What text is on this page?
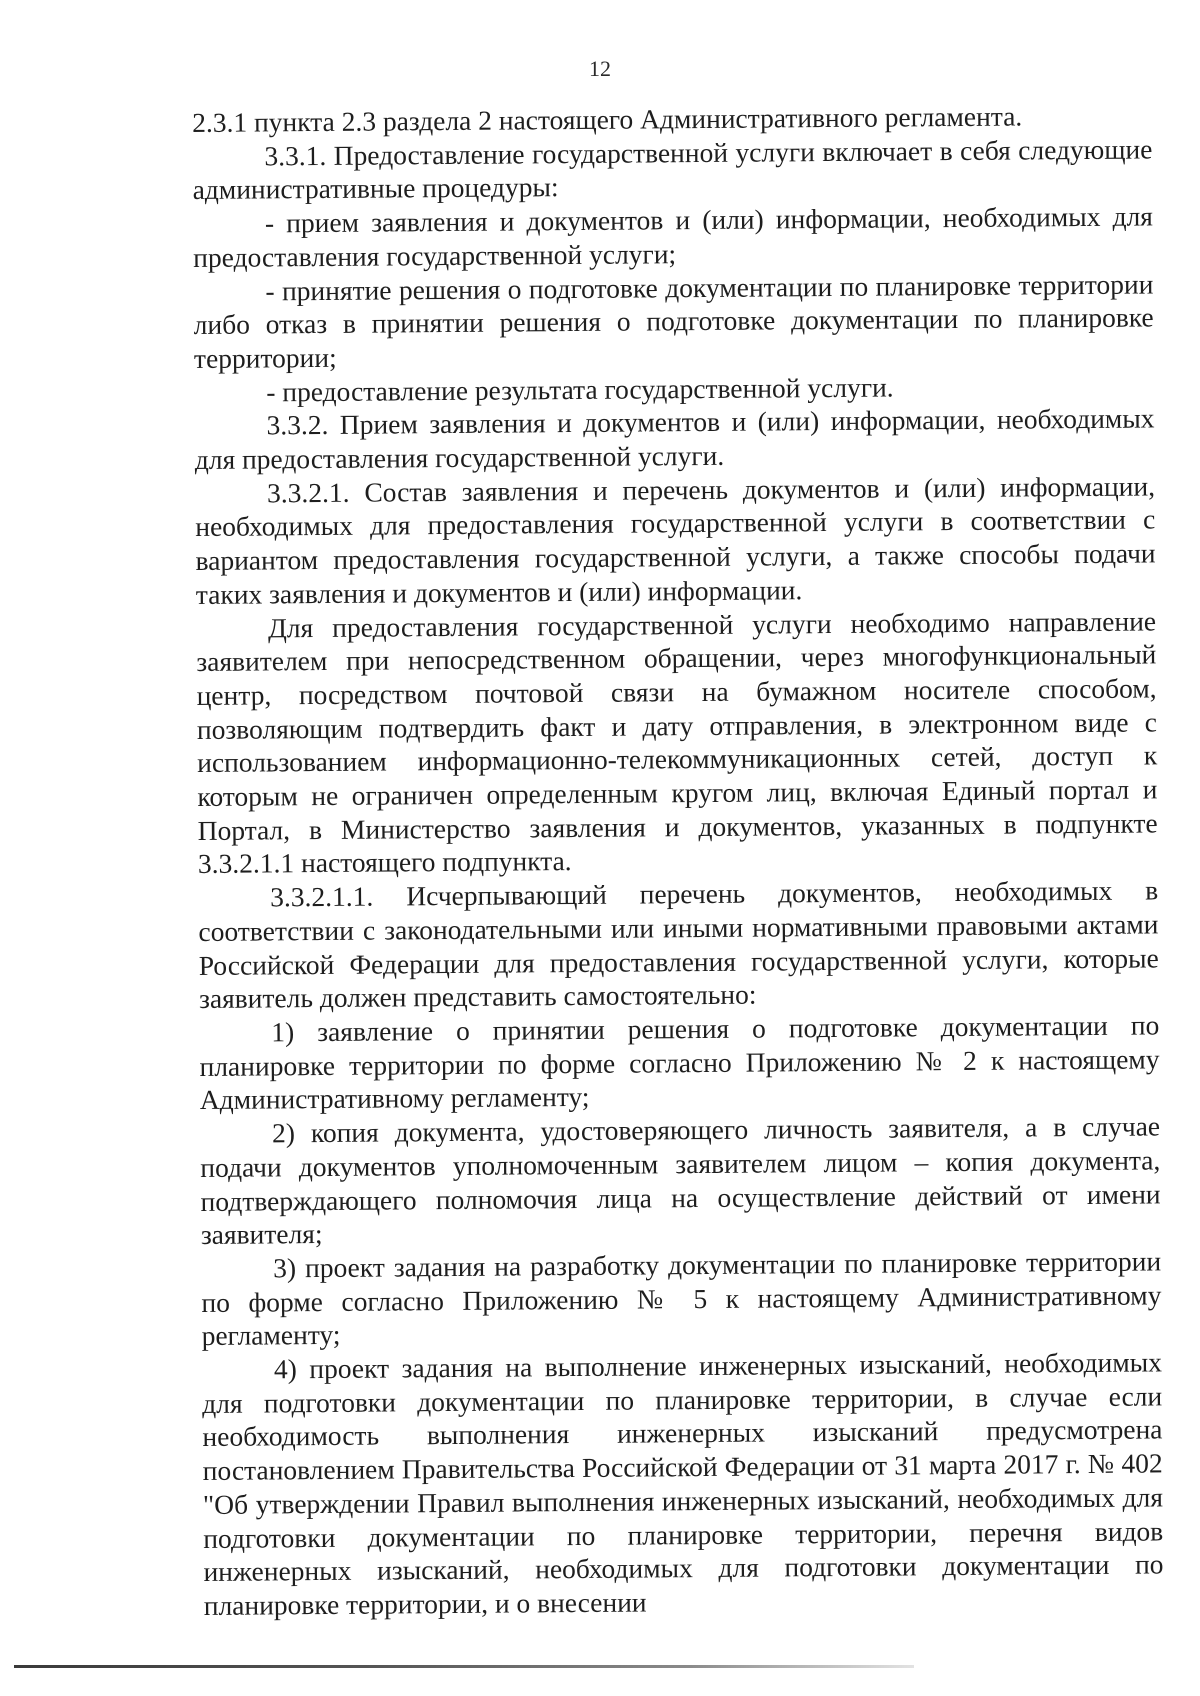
12

2.3.1 пункта 2.3 раздела 2 настоящего Административного регламента.

3.3.1. Предоставление государственной услуги включает в себя следующие административные процедуры:

- прием заявления и документов и (или) информации, необходимых для предоставления государственной услуги;

- принятие решения о подготовке документации по планировке территории либо отказ в принятии решения о подготовке документации по планировке территории;

- предоставление результата государственной услуги.

3.3.2. Прием заявления и документов и (или) информации, необходимых для предоставления государственной услуги.

3.3.2.1. Состав заявления и перечень документов и (или) информации, необходимых для предоставления государственной услуги в соответствии с вариантом предоставления государственной услуги, а также способы подачи таких заявления и документов и (или) информации.

Для предоставления государственной услуги необходимо направление заявителем при непосредственном обращении, через многофункциональный центр, посредством почтовой связи на бумажном носителе способом, позволяющим подтвердить факт и дату отправления, в электронном виде с использованием информационно-телекоммуникационных сетей, доступ к которым не ограничен определенным кругом лиц, включая Единый портал и Портал, в Министерство заявления и документов, указанных в подпункте 3.3.2.1.1 настоящего подпункта.

3.3.2.1.1. Исчерпывающий перечень документов, необходимых в соответствии с законодательными или иными нормативными правовыми актами Российской Федерации для предоставления государственной услуги, которые заявитель должен представить самостоятельно:

1) заявление о принятии решения о подготовке документации по планировке территории по форме согласно Приложению № 2 к настоящему Административному регламенту;

2) копия документа, удостоверяющего личность заявителя, а в случае подачи документов уполномоченным заявителем лицом – копия документа, подтверждающего полномочия лица на осуществление действий от имени заявителя;

3) проект задания на разработку документации по планировке территории по форме согласно Приложению № 5 к настоящему Административному регламенту;

4) проект задания на выполнение инженерных изысканий, необходимых для подготовки документации по планировке территории, в случае если необходимость выполнения инженерных изысканий предусмотрена постановлением Правительства Российской Федерации от 31 марта 2017 г. № 402 "Об утверждении Правил выполнения инженерных изысканий, необходимых для подготовки документации по планировке территории, перечня видов инженерных изысканий, необходимых для подготовки документации по планировке территории, и о внесении
